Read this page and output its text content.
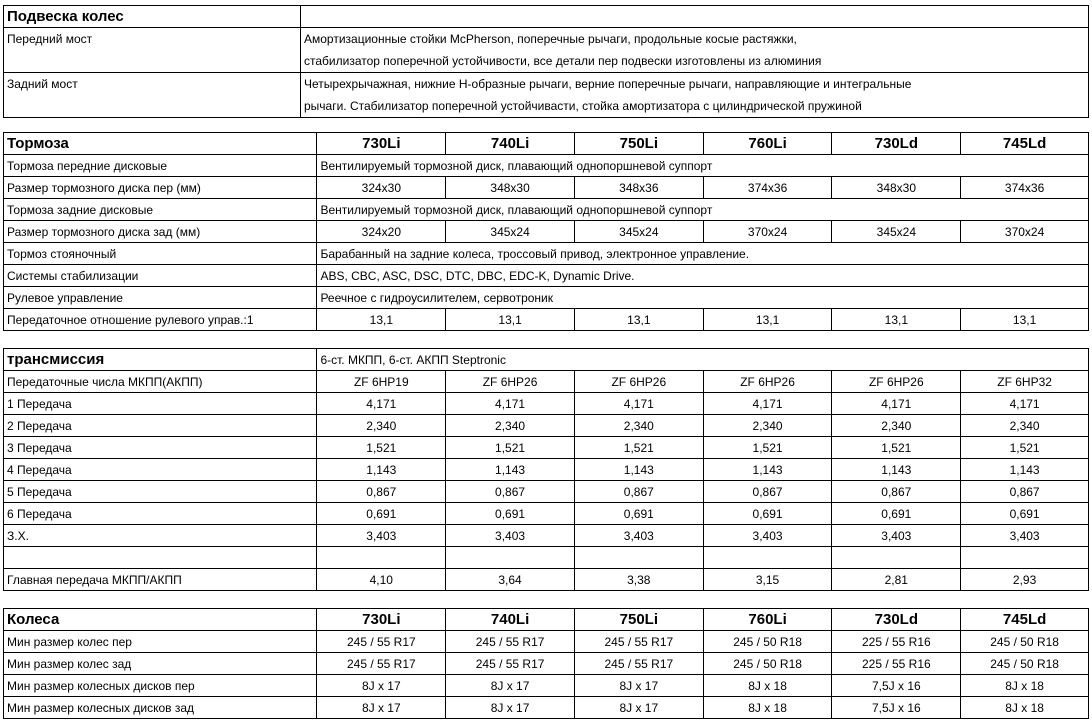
Подвеска колес	
Передний мост	Амортизационные стойки McPherson, поперечные рычаги, продольные косые растяжки,
стабилизатор поперечной устойчивости, все детали пер подвески изготовлены из алюминия

Задний мост	Четырехрычажная, нижние H-образные рычаги, верние поперечные рычаги, направляющие и интегральные
рычаги. Стабилизатор поперечной устойчивасти, стойка амортизатора с цилиндрической пружиной
Тормоза	730Li	740Li	750Li	760Li	730Ld	745Ld
Тормоза передние дисковые	Вентилируемый тормозной диск, плавающий однопоршневой суппорт					
Размер тормозного диска пер (мм)	324x30	348x30	348x36	374x36	348x30	374x36
Тормоза задние дисковые	Вентилируемый тормозной диск, плавающий однопоршневой суппорт					
Размер тормозного диска зад (мм)	324x20	345x24	345x24	370x24	345x24	370x24
Тормоз стояночный	Барабанный на задние колеса, троссовый привод, электронное управление.					
Системы стабилизации	ABS, CBC, ASC, DSC, DTC, DBC, EDC-K, Dynamic Drive.					
Рулевое управление	Реечное с гидроусилителем, сервотроник					
Передаточное отношение рулевого управ.:1	13,1	13,1	13,1	13,1	13,1	13,1
трансмиссия	6-ст. МКПП, 6-ст. АКПП Steptronic					
Передаточные числа МКПП(АКПП)	ZF 6HP19	ZF 6HP26	ZF 6HP26	ZF 6HP26	ZF 6HP26	ZF 6HP32
1 Передача	4,171	4,171	4,171	4,171	4,171	4,171
2 Передача	2,340	2,340	2,340	2,340	2,340	2,340
3 Передача	1,521	1,521	1,521	1,521	1,521	1,521
4 Передача	1,143	1,143	1,143	1,143	1,143	1,143
5 Передача	0,867	0,867	0,867	0,867	0,867	0,867
6 Передача	0,691	0,691	0,691	0,691	0,691	0,691
З.Х.	3,403	3,403	3,403	3,403	3,403	3,403

Главная передача МКПП/АКПП	4,10	3,64	3,38	3,15	2,81	2,93
Колеса	730Li	740Li	750Li	760Li	730Ld	745Ld
Мин размер колес пер	245 / 55 R17	245 / 55 R17	245 / 55 R17	245 / 50 R18	225 / 55 R16	245 / 50 R18
Мин размер колес зад	245 / 55 R17	245 / 55 R17	245 / 55 R17	245 / 50 R18	225 / 55 R16	245 / 50 R18
Мин размер колесных дисков пер	8J x 17	8J x 17	8J x 17	8J x 18	7,5J x 16	8J x 18
Мин размер колесных дисков зад	8J x 17	8J x 17	8J x 17	8J x 18	7,5J x 16	8J x 18
